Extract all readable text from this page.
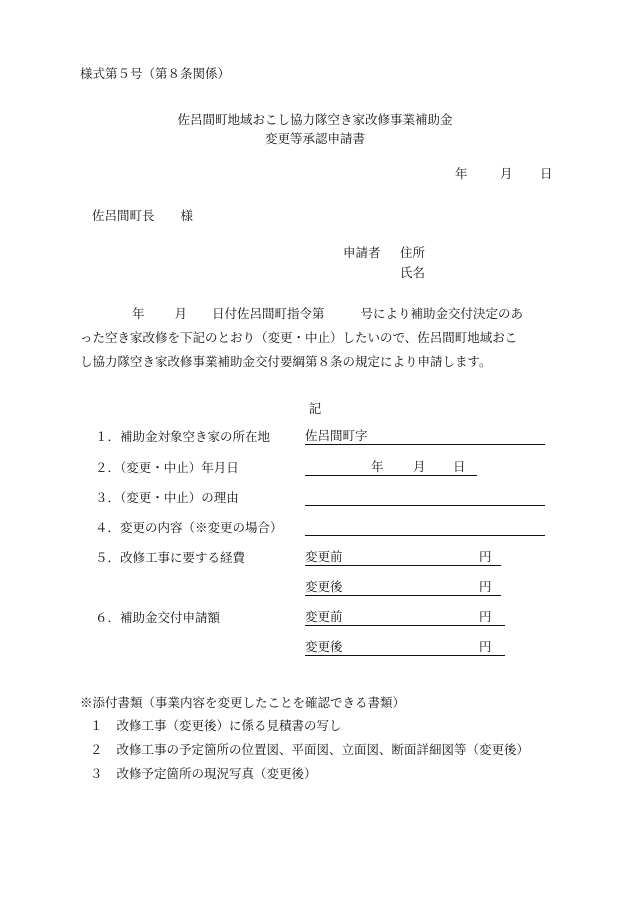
様式第５号（第８条関係）
佐呂間町地域おこし協力隊空き家改修事業補助金
変更等承認申請書
年	月 日
佐呂間町長 様
申請者 住所
氏名
年 月 日付佐呂間町指令第	号により補助金交付決定のあ
った空き家改修を下記のとおり（変更・中止）したいので、佐呂間町地域おこ
し協力隊空き家改修事業補助金交付要綱第８条の規定により申請します。
記
１．補助金対象空き家の所在地	佐呂間町字
２．（変更・中止）年月日	年 月 日
３．（変更・中止）の理由
４．変更の内容（※変更の場合）
５．改修工事に要する経費	変更前	円
変更後	円
６．補助金交付申請額	変更前	円
変更後	円
※添付書類（事業内容を変更したことを確認できる書類）
１ 改修工事（変更後）に係る見積書の写し
２ 改修工事の予定箇所の位置図、平面図、立面図、断面詳細図等（変更後）
３ 改修予定箇所の現況写真（変更後）
